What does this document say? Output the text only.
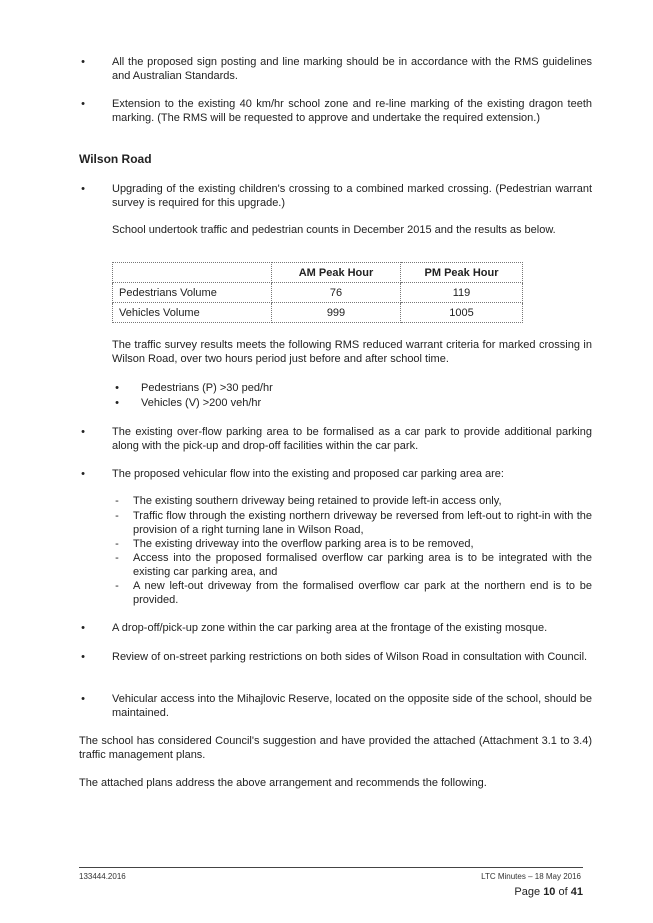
• All the proposed sign posting and line marking should be in accordance with the RMS guidelines and Australian Standards.
• Extension to the existing 40 km/hr school zone and re-line marking of the existing dragon teeth marking. (The RMS will be requested to approve and undertake the required extension.)
Wilson Road
• Upgrading of the existing children's crossing to a combined marked crossing. (Pedestrian warrant survey is required for this upgrade.)
School undertook traffic and pedestrian counts in December 2015 and the results as below.
	AM Peak Hour	PM Peak Hour
Pedestrians Volume	76	119
Vehicles Volume	999	1005
The traffic survey results meets the following RMS reduced warrant criteria for marked crossing in Wilson Road, over two hours period just before and after school time.
• Pedestrians (P) >30 ped/hr
• Vehicles (V) >200 veh/hr
• The existing over-flow parking area to be formalised as a car park to provide additional parking along with the pick-up and drop-off facilities within the car park.
• The proposed vehicular flow into the existing and proposed car parking area are:
- The existing southern driveway being retained to provide left-in access only,
- Traffic flow through the existing northern driveway be reversed from left-out to right-in with the provision of a right turning lane in Wilson Road,
- The existing driveway into the overflow parking area is to be removed,
- Access into the proposed formalised overflow car parking area is to be integrated with the existing car parking area, and
- A new left-out driveway from the formalised overflow car park at the northern end is to be provided.
• A drop-off/pick-up zone within the car parking area at the frontage of the existing mosque.
• Review of on-street parking restrictions on both sides of Wilson Road in consultation with Council.
• Vehicular access into the Mihajlovic Reserve, located on the opposite side of the school, should be maintained.
The school has considered Council's suggestion and have provided the attached (Attachment 3.1 to 3.4) traffic management plans.
The attached plans address the above arrangement and recommends the following.
133444.2016	LTC Minutes – 18 May 2016
Page 10 of 41
